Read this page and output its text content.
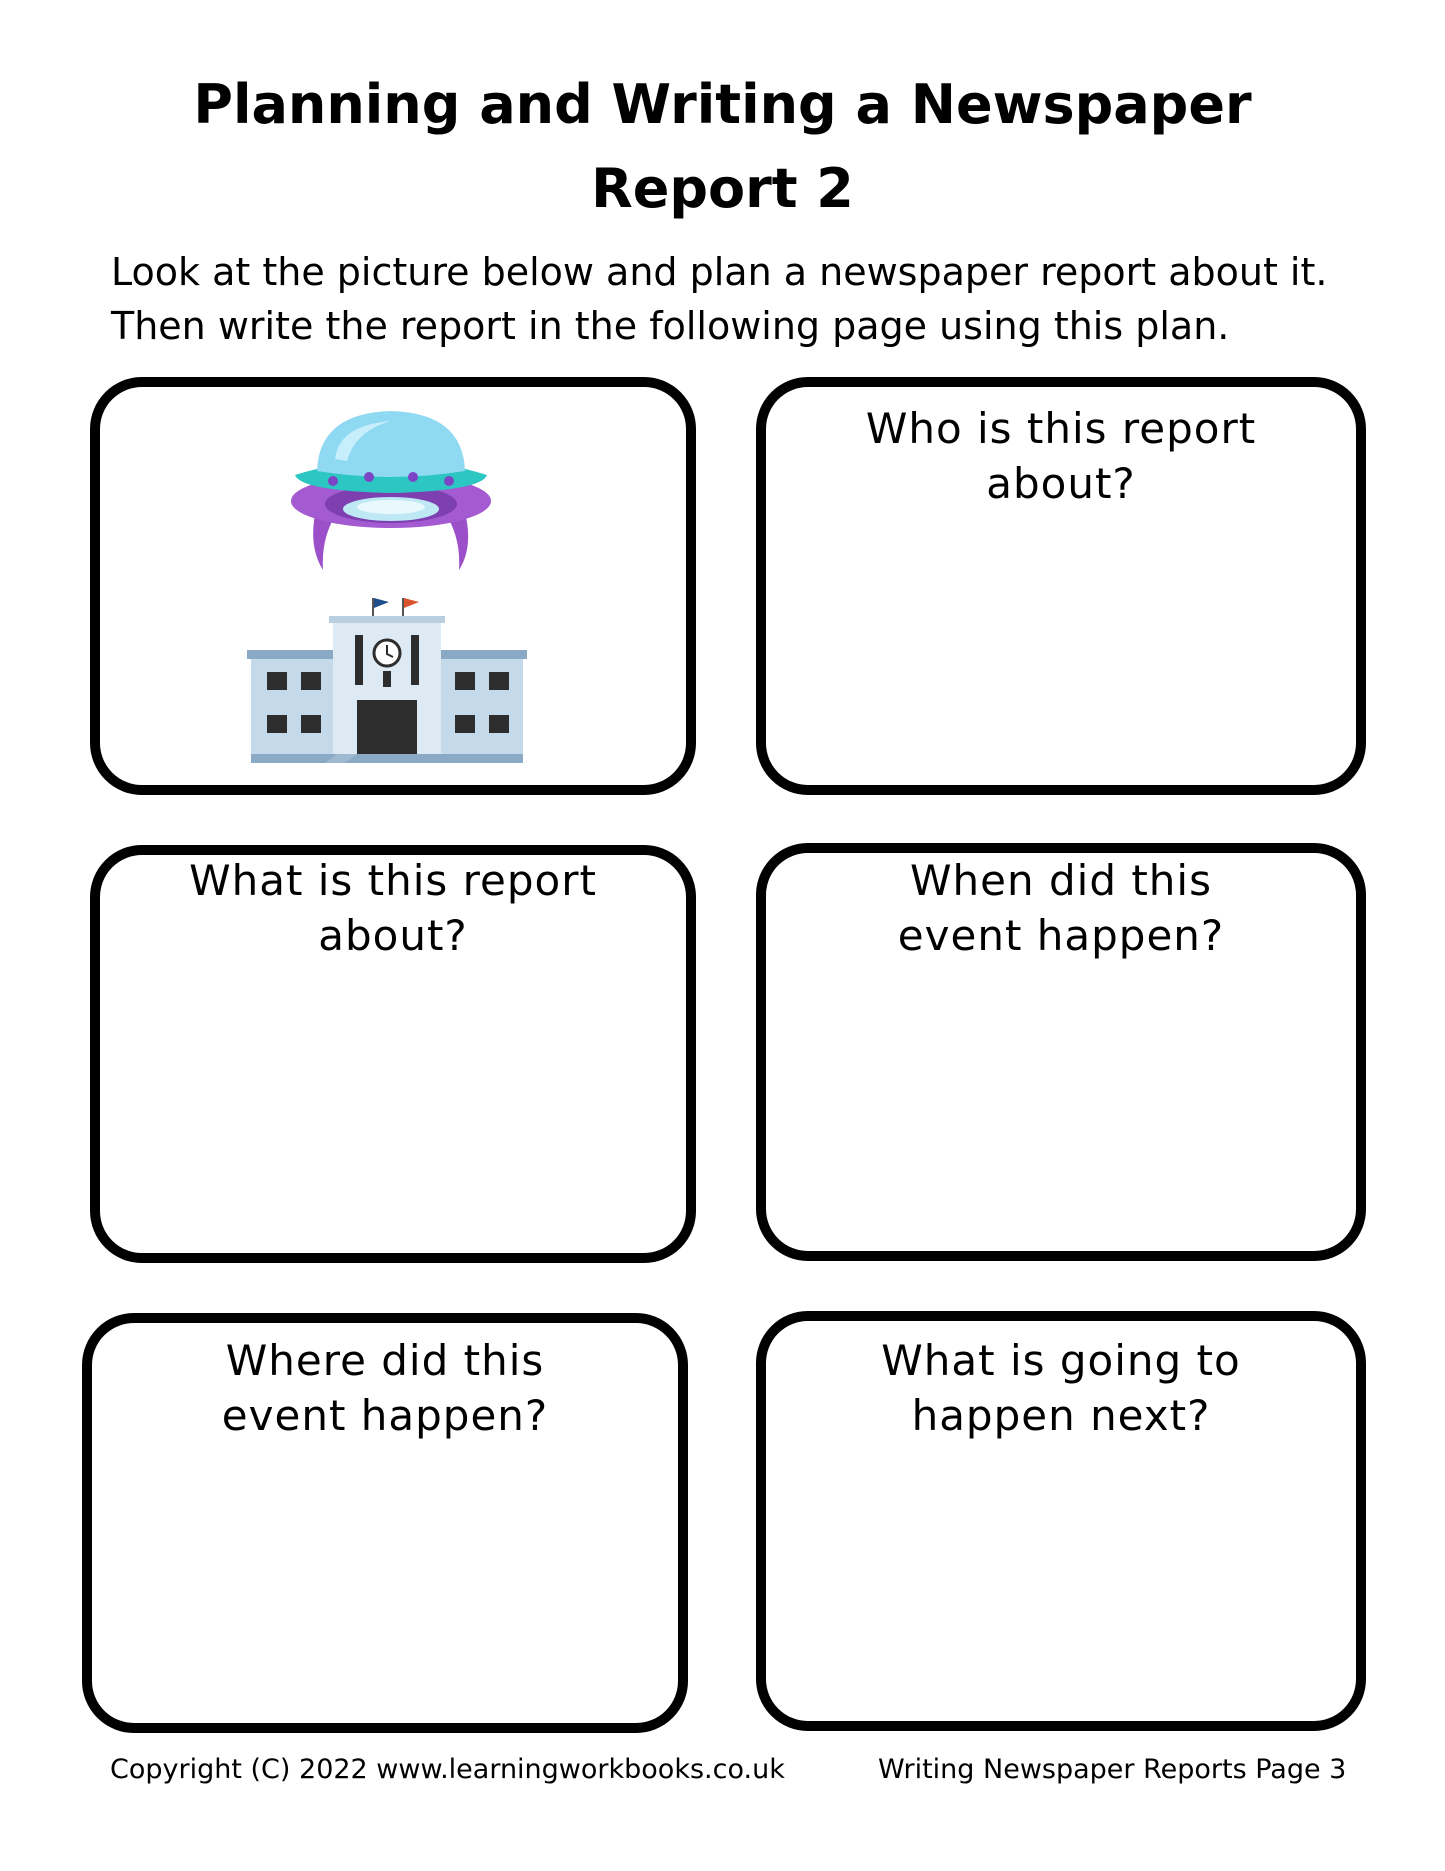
Planning and Writing a Newspaper
Report 2

Look at the picture below and plan a newspaper report about it.
Then write the report in the following page using this plan.

Who is this report
about?
What is this report
about?
When did this
event happen?
Where did this
event happen?
What is going to
happen next?
Copyright (C) 2022 www.learningworkbooks.co.uk	Writing Newspaper Reports Page 3
